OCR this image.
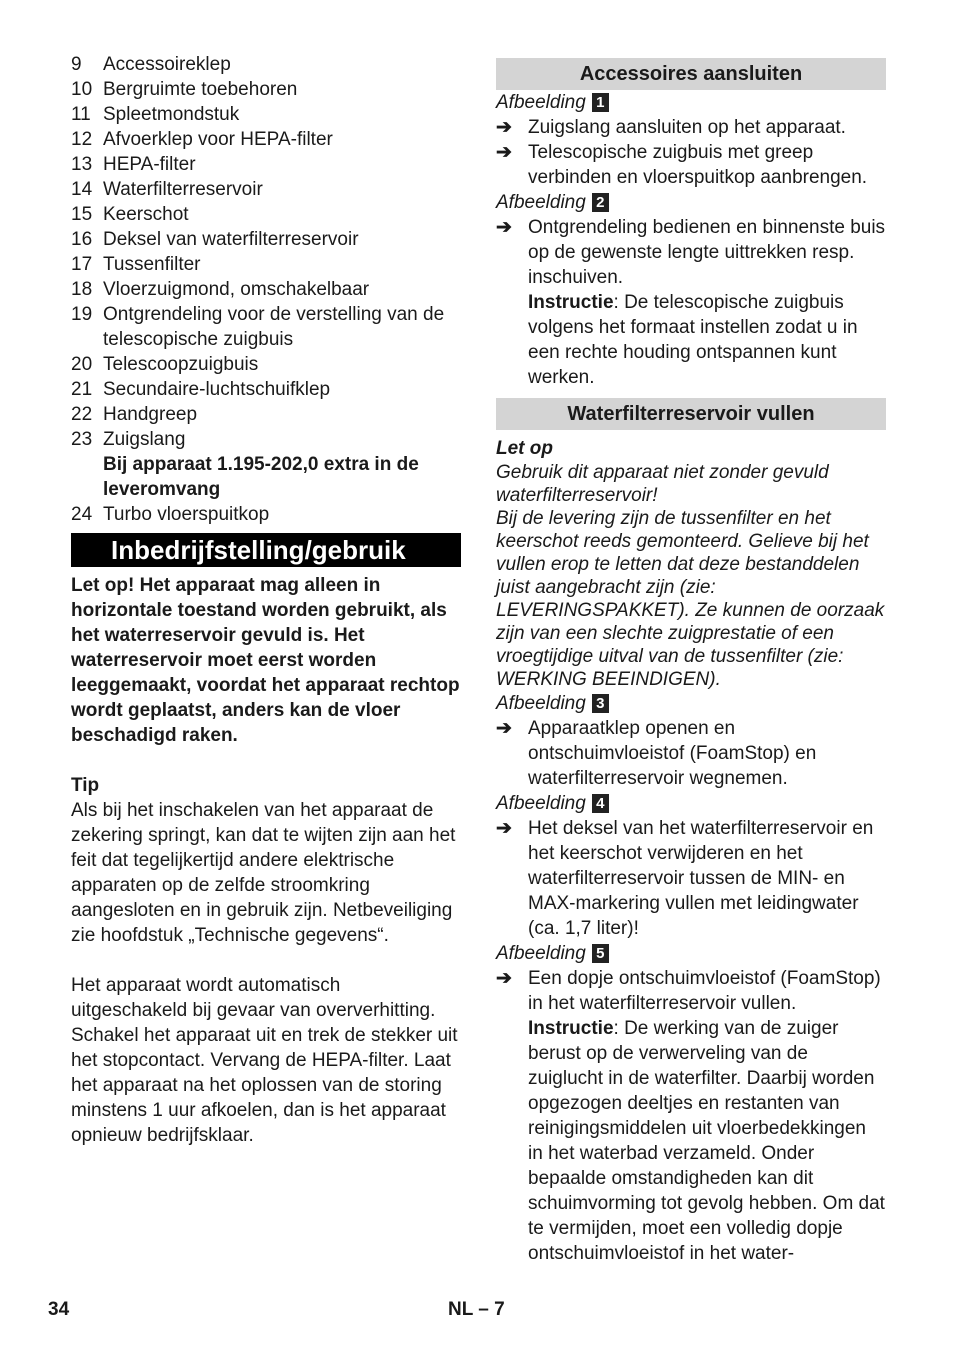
9	Accessoireklep
10 Bergruimte toebehoren
11 Spleetmondstuk
12 Afvoerklep voor HEPA-filter
13 HEPA-filter
14 Waterfilterreservoir
15 Keerschot
16 Deksel van waterfilterreservoir
17 Tussenfilter
18 Vloerzuigmond, omschakelbaar
19 Ontgrendeling voor de verstelling van de telescopische zuigbuis
20 Telescoopzuigbuis
21 Secundaire-luchtschuifklep
22 Handgreep
23 Zuigslang
Bij apparaat 1.195-202,0 extra in de leveromvang
24 Turbo vloerspuitkop
Inbedrijfstelling/gebruik
Let op! Het apparaat mag alleen in horizontale toestand worden gebruikt, als het waterreservoir gevuld is. Het waterreservoir moet eerst worden leeggemaakt, voordat het apparaat rechtop wordt geplaatst, anders kan de vloer beschadigd raken.
Tip
Als bij het inschakelen van het apparaat de zekering springt, kan dat te wijten zijn aan het feit dat tegelijkertijd andere elektrische apparaten op de zelfde stroomkring aangesloten en in gebruik zijn. Netbeveiliging zie hoofdstuk „Technische gegevens“.
Het apparaat wordt automatisch uitgeschakeld bij gevaar van oververhitting. Schakel het apparaat uit en trek de stekker uit het stopcontact. Vervang de HEPA-filter. Laat het apparaat na het oplossen van de storing minstens 1 uur afkoelen, dan is het apparaat opnieuw bedrijfsklaar.
Accessoires aansluiten
Afbeelding 1
➔ Zuigslang aansluiten op het apparaat.
➔ Telescopische zuigbuis met greep verbinden en vloerspuitkop aanbrengen.
Afbeelding 2
➔ Ontgrendeling bedienen en binnenste buis op de gewenste lengte uittrekken resp. inschuiven.
Instructie: De telescopische zuigbuis volgens het formaat instellen zodat u in een rechte houding ontspannen kunt werken.
Waterfilterreservoir vullen
Let op
Gebruik dit apparaat niet zonder gevuld waterfilterreservoir!
Bij de levering zijn de tussenfilter en het keerschot reeds gemonteerd. Gelieve bij het vullen erop te letten dat deze bestanddelen juist aangebracht zijn (zie: LEVERINGSPAKKET). Ze kunnen de oorzaak zijn van een slechte zuigprestatie of een vroegtijdige uitval van de tussenfilter (zie: WERKING BEEINDIGEN).
Afbeelding 3
➔ Apparaatklep openen en ontschuimvloeistof (FoamStop) en waterfilterreservoir wegnemen.
Afbeelding 4
➔ Het deksel van het waterfilterreservoir en het keerschot verwijderen en het waterfilterreservoir tussen de MIN- en MAX-markering vullen met leidingwater (ca. 1,7 liter)!
Afbeelding 5
➔ Een dopje ontschuimvloeistof (FoamStop) in het waterfilterreservoir vullen.
Instructie: De werking van de zuiger berust op de verwerveling van de zuiglucht in de waterfilter. Daarbij worden opgezogen deeltjes en restanten van reinigingsmiddelen uit vloerbedekkingen in het waterbad verzameld. Onder bepaalde omstandigheden kan dit schuimvorming tot gevolg hebben. Om dat te vermijden, moet een volledig dopje ontschuimvloeistof in het water-
34	NL – 7
